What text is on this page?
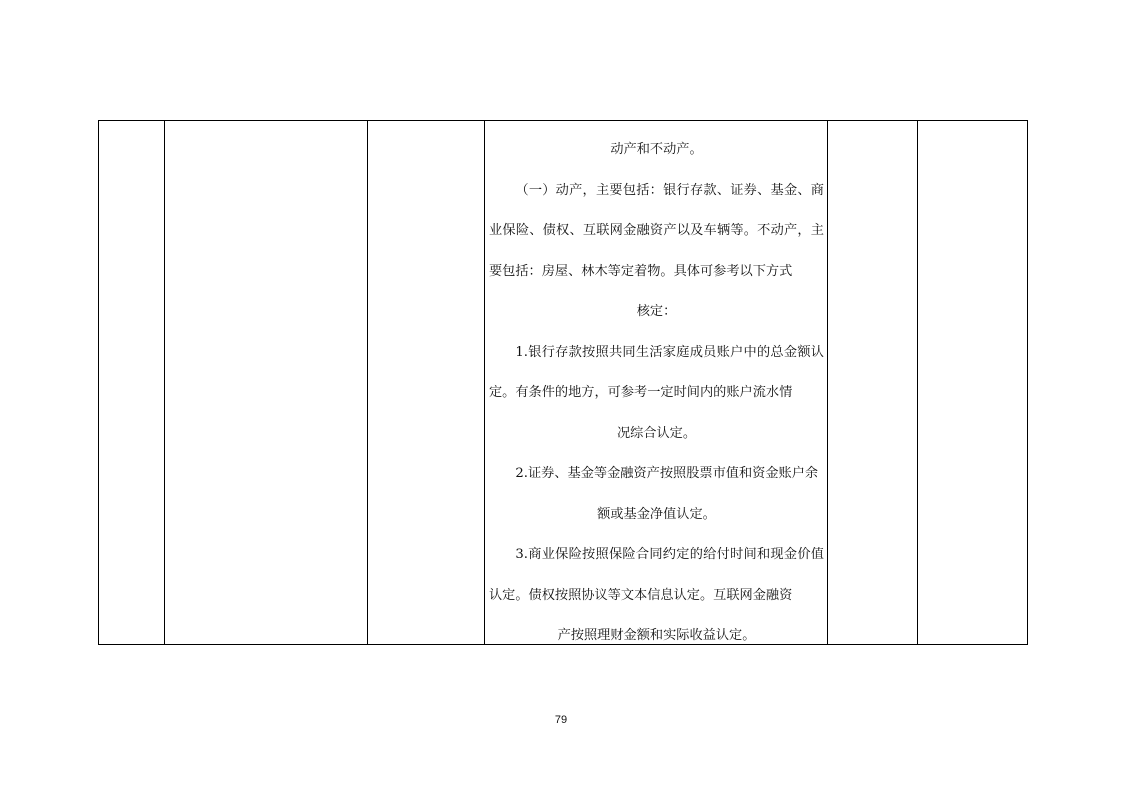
动产和不动产。

（一）动产，主要包括：银行存款、证券、基金、商业保险、债权、互联网金融资产以及车辆等。不动产，主要包括：房屋、林木等定着物。具体可参考以下方式

核定：

1.银行存款按照共同生活家庭成员账户中的总金额认定。有条件的地方，可参考一定时间内的账户流水情

况综合认定。

2.证券、基金等金融资产按照股票市值和资金账户余

额或基金净值认定。

3.商业保险按照保险合同约定的给付时间和现金价值认定。债权按照协议等文本信息认定。互联网金融资

产按照理财金额和实际收益认定。

79
